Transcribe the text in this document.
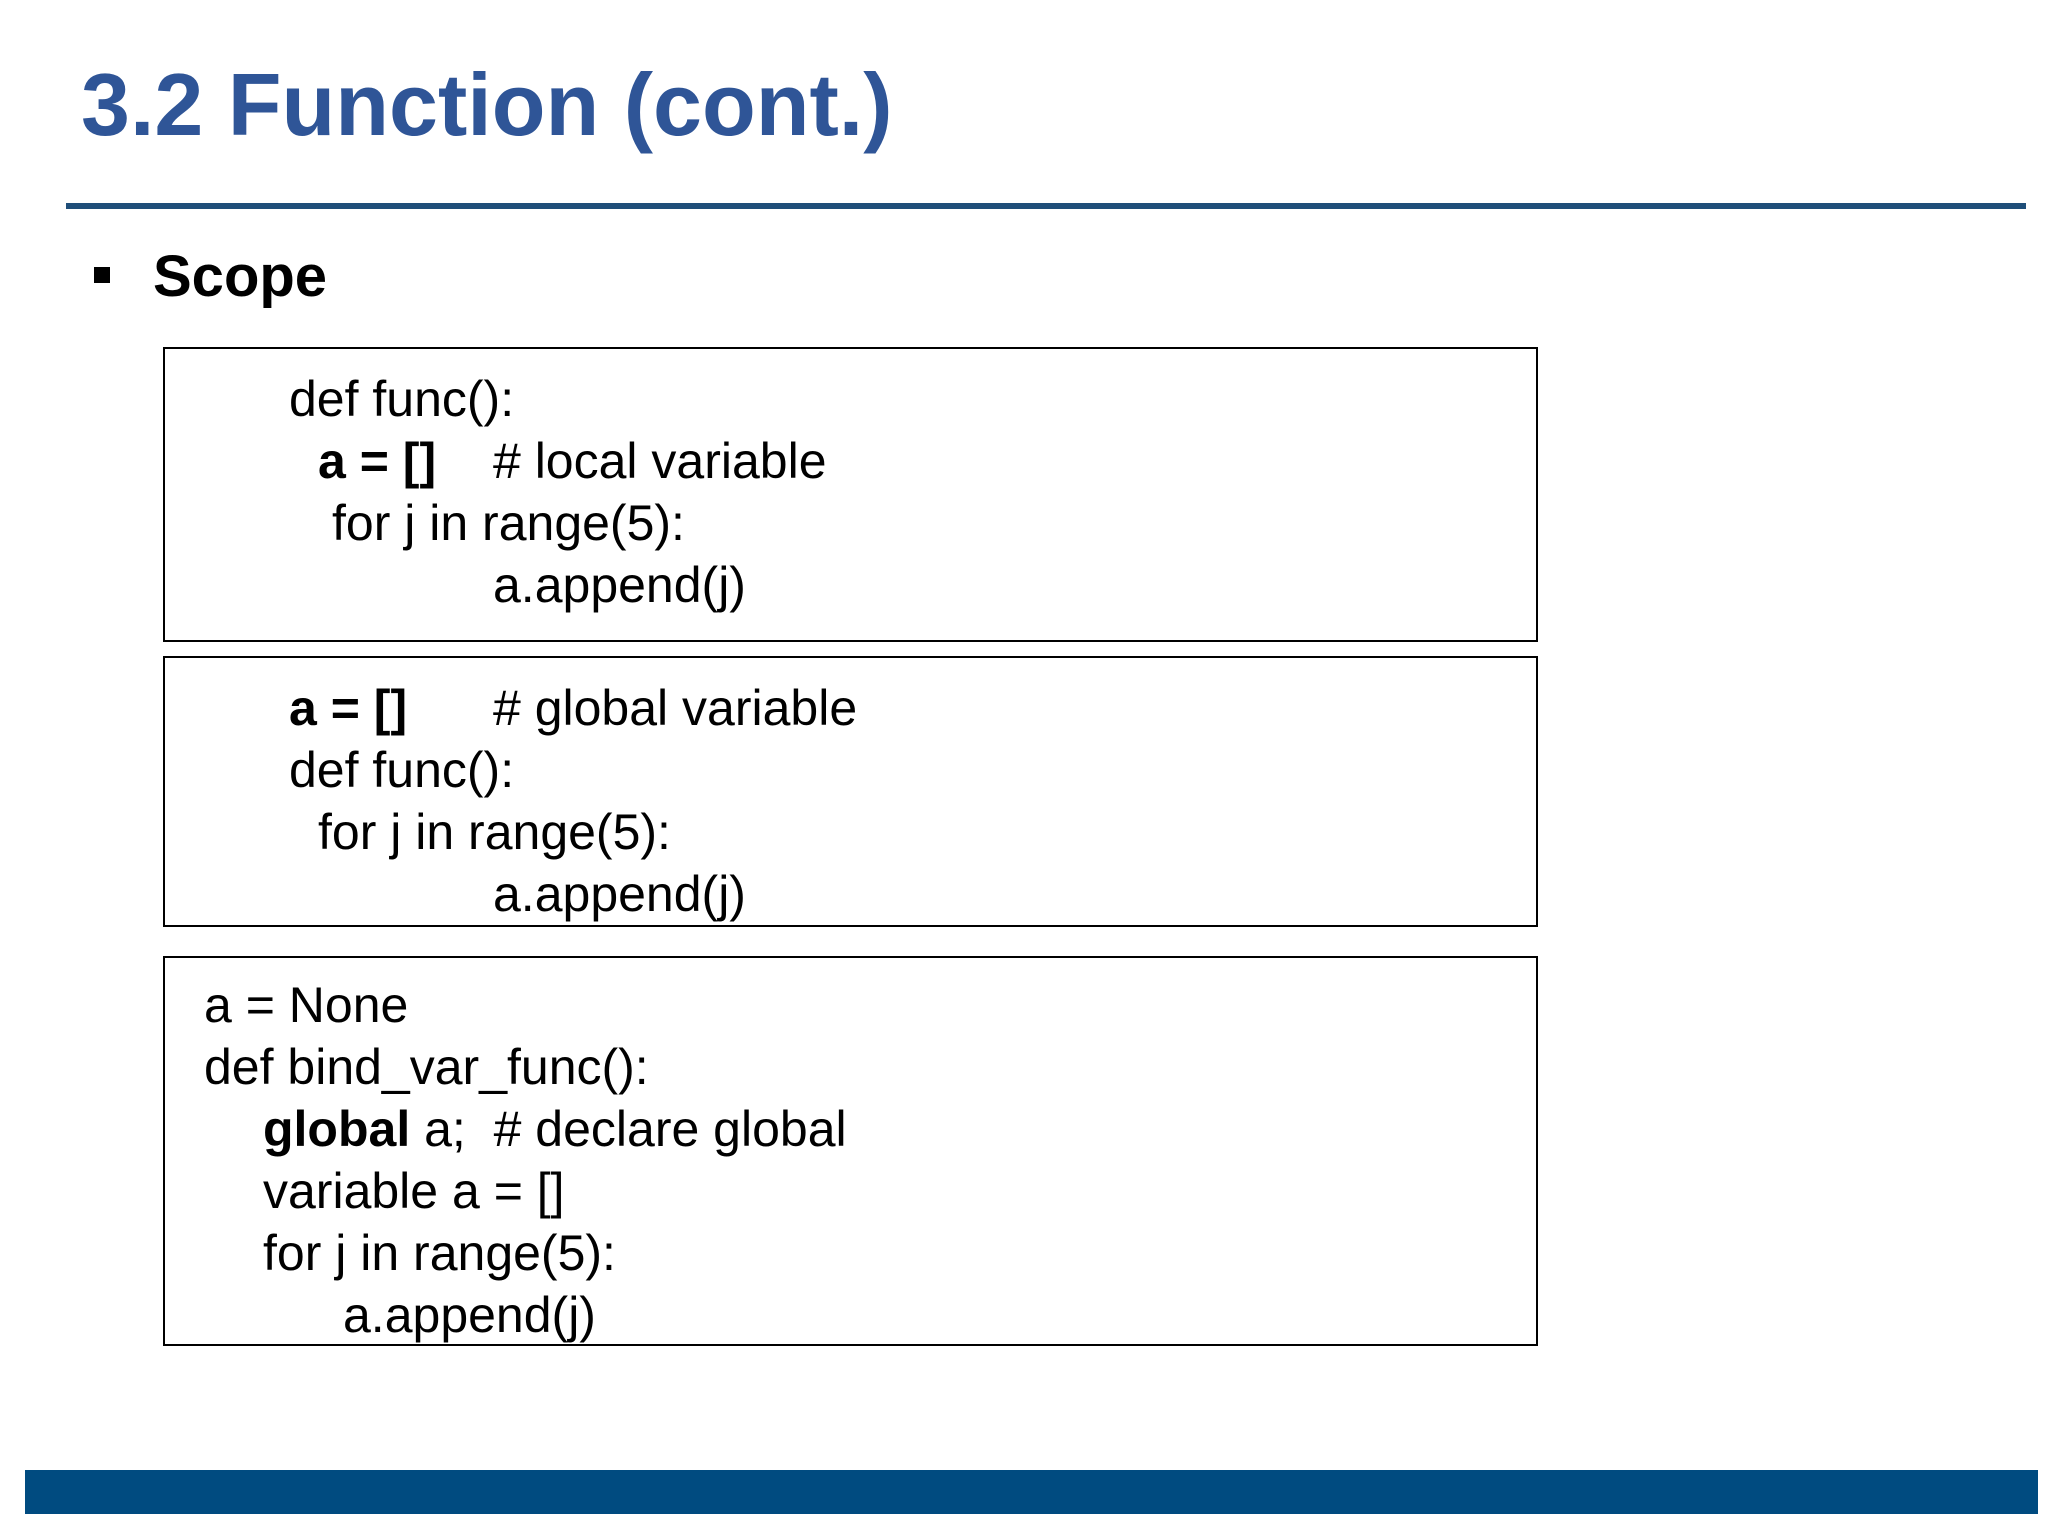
3.2 Function (cont.)
Scope
def func():
a = [] # local variable
for j in range(5):
a.append(j)
a = [] # global variable
def func():
for j in range(5):
a.append(j)
a = None
def bind_var_func():
global a;  # declare global
variable a = []
for j in range(5):
a.append(j)
